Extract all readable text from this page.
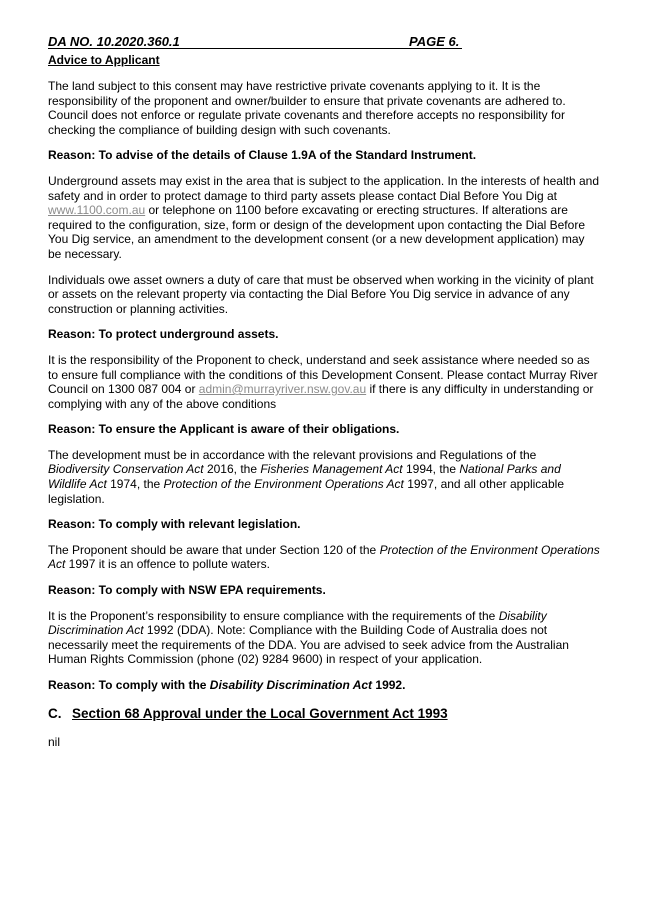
DA NO. 10.2020.360.1	PAGE 6.
Advice to Applicant

The land subject to this consent may have restrictive private covenants applying to it. It is the responsibility of the proponent and owner/builder to ensure that private covenants are adhered to. Council does not enforce or regulate private covenants and therefore accepts no responsibility for checking the compliance of building design with such covenants.

Reason: To advise of the details of Clause 1.9A of the Standard Instrument.

Underground assets may exist in the area that is subject to the application. In the interests of health and safety and in order to protect damage to third party assets please contact Dial Before You Dig at www.1100.com.au or telephone on 1100 before excavating or erecting structures. If alterations are required to the configuration, size, form or design of the development upon contacting the Dial Before You Dig service, an amendment to the development consent (or a new development application) may be necessary.

Individuals owe asset owners a duty of care that must be observed when working in the vicinity of plant or assets on the relevant property via contacting the Dial Before You Dig service in advance of any construction or planning activities.

Reason: To protect underground assets.

It is the responsibility of the Proponent to check, understand and seek assistance where needed so as to ensure full compliance with the conditions of this Development Consent. Please contact Murray River Council on 1300 087 004 or admin@murrayriver.nsw.gov.au if there is any difficulty in understanding or complying with any of the above conditions

Reason: To ensure the Applicant is aware of their obligations.

The development must be in accordance with the relevant provisions and Regulations of the Biodiversity Conservation Act 2016, the Fisheries Management Act 1994, the National Parks and Wildlife Act 1974, the Protection of the Environment Operations Act 1997, and all other applicable legislation.

Reason: To comply with relevant legislation.

The Proponent should be aware that under Section 120 of the Protection of the Environment Operations Act 1997 it is an offence to pollute waters.

Reason: To comply with NSW EPA requirements.

It is the Proponent’s responsibility to ensure compliance with the requirements of the Disability Discrimination Act 1992 (DDA). Note: Compliance with the Building Code of Australia does not necessarily meet the requirements of the DDA. You are advised to seek advice from the Australian Human Rights Commission (phone (02) 9284 9600) in respect of your application.

Reason: To comply with the Disability Discrimination Act 1992.

C. Section 68 Approval under the Local Government Act 1993

nil
